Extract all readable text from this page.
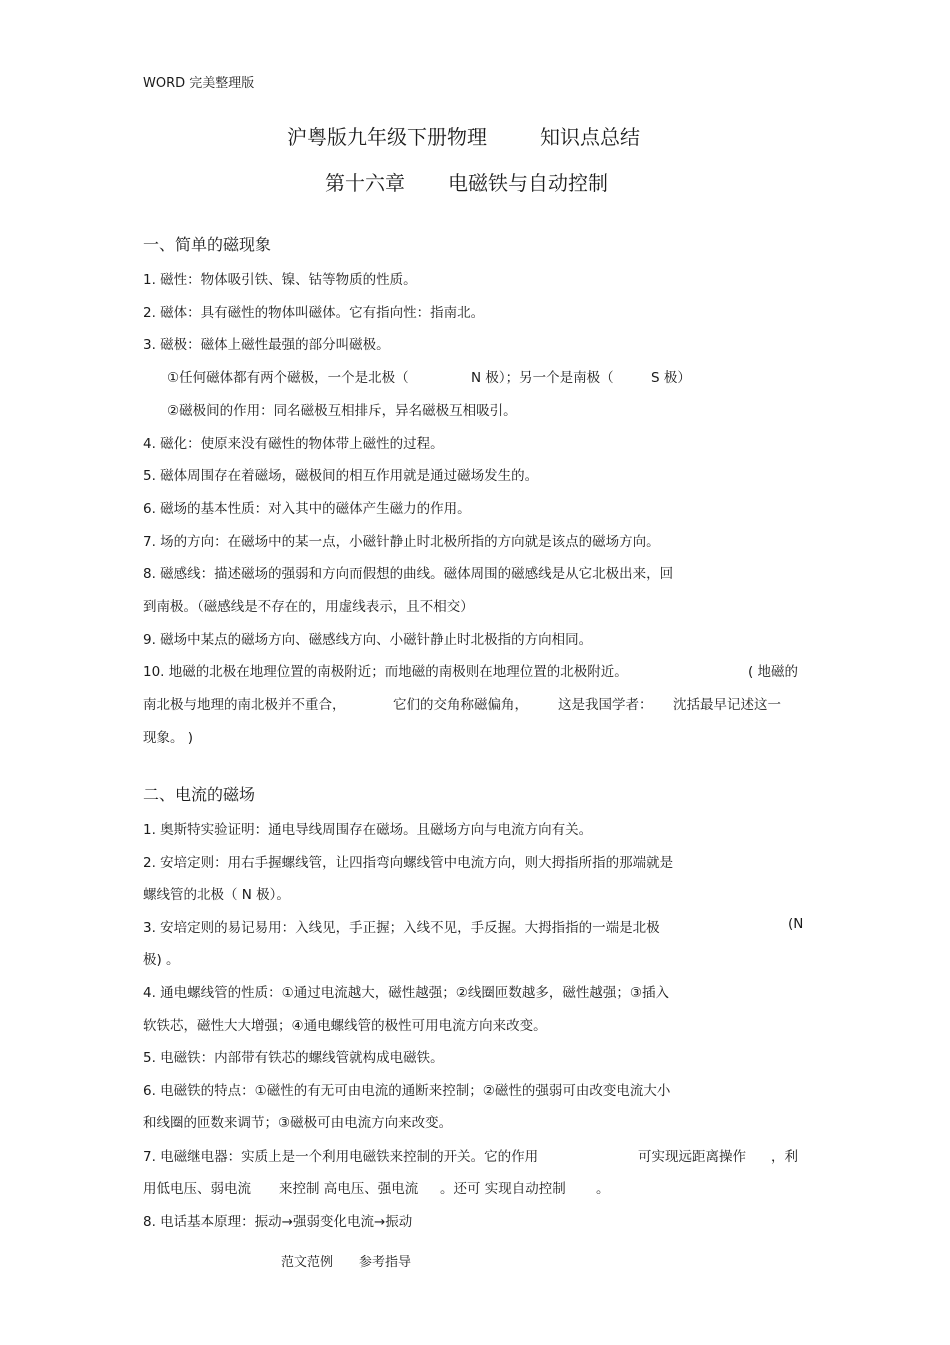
WORD 完美整理版
沪粤版九年级下册物理	知识点总结
第十六章 电磁铁与自动控制
一、简单的磁现象
1. 磁性：物体吸引铁、镍、钴等物质的性质。
2. 磁体：具有磁性的物体叫磁体。它有指向性：指南北。
3. 磁极：磁体上磁性最强的部分叫磁极。
①任何磁体都有两个磁极，一个是北极（	N 极）；另一个是南极（	S 极）
②磁极间的作用：同名磁极互相排斥，异名磁极互相吸引。
4. 磁化：使原来没有磁性的物体带上磁性的过程。
5. 磁体周围存在着磁场，磁极间的相互作用就是通过磁场发生的。
6. 磁场的基本性质：对入其中的磁体产生磁力的作用。
7. 场的方向：在磁场中的某一点，小磁针静止时北极所指的方向就是该点的磁场方向。
8. 磁感线：描述磁场的强弱和方向而假想的曲线。磁体周围的磁感线是从它北极出来，回
到南极。（磁感线是不存在的，用虚线表示，且不相交）
9. 磁场中某点的磁场方向、磁感线方向、小磁针静止时北极指的方向相同。
10. 地磁的北极在地理位置的南极附近；而地磁的南极则在地理位置的北极附近。	( 地磁的
南北极与地理的南北极并不重合，	它们的交角称磁偏角， 这是我国学者： 沈括最早记述这一
现象。 )
二、电流的磁场
1. 奥斯特实验证明：通电导线周围存在磁场。且磁场方向与电流方向有关。
2. 安培定则：用右手握螺线管，让四指弯向螺线管中电流方向，则大拇指所指的那端就是
螺线管的北极（ N 极）。
3. 安培定则的易记易用：入线见，手正握；入线不见，手反握。大拇指指的一端是北极	(N
极) 。
4. 通电螺线管的性质：①通过电流越大，磁性越强；②线圈匝数越多，磁性越强；③插入
软铁芯，磁性大大增强；④通电螺线管的极性可用电流方向来改变。
5. 电磁铁：内部带有铁芯的螺线管就构成电磁铁。
6. 电磁铁的特点：①磁性的有无可由电流的通断来控制；②磁性的强弱可由改变电流大小
和线圈的匝数来调节；③磁极可由电流方向来改变。
7. 电磁继电器：实质上是一个利用电磁铁来控制的开关。它的作用	可实现远距离操作 ，利
用低电压、弱电流 来控制 高电压、强电流 。还可 实现自动控制 。
8. 电话基本原理：振动→强弱变化电流→振动
范文范例 参考指导
